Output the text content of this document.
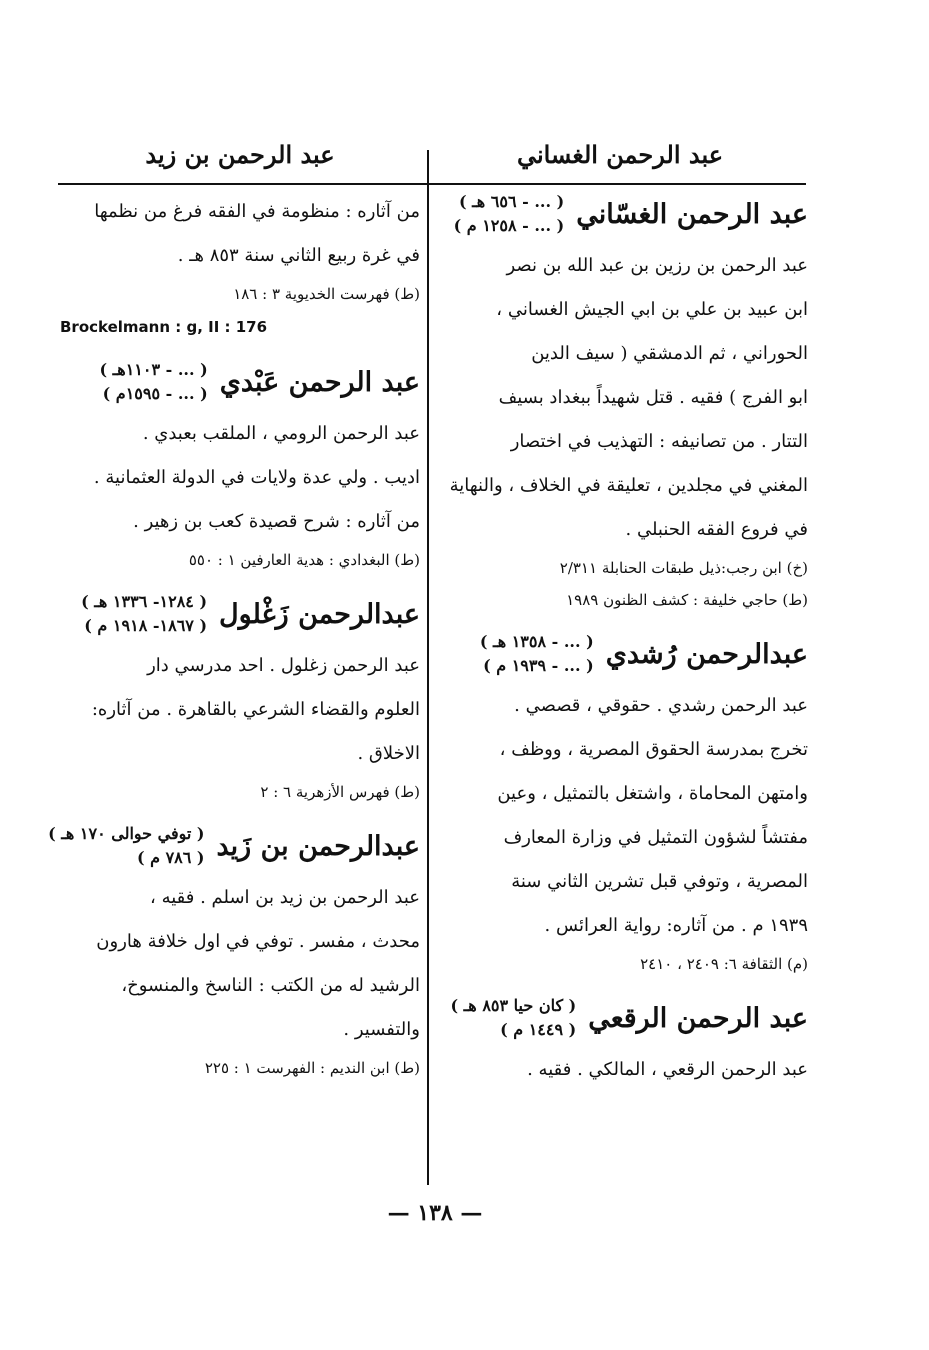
عبد الرحمن الغساني
عبد الرحمن بن زيد
عبد الرحمن الغسّاني
( ... - ٦٥٦ هـ )
( ... - ١٢٥٨ م )

عبد الرحمن بن رزين بن عبد الله بن نصر
ابن عبيد بن علي بن ابي الجيش الغساني ،
الحوراني ، ثم الدمشقي ( سيف الدين
ابو الفرج ) فقيه . قتل شهيداً ببغداد بسيف
التتار . من تصانيفه : التهذيب في اختصار
المغني في مجلدين ، تعليقة في الخلاف ، والنهاية
في فروع الفقه الحنبلي .

(خ) ابن رجب:ذيل طبقات الحنابلة ٢/٣١١

(ط) حاجي خليفة : كشف الظنون ١٩٨٩

عبدالرحمن رُشدي
( ... - ١٣٥٨ هـ )
( ... - ١٩٣٩ م )

عبد الرحمن رشدي . حقوقي ، قصصي .
تخرج بمدرسة الحقوق المصرية ، ووظف ،
وامتهن المحاماة ، واشتغل بالتمثيل ، وعين
مفتشاً لشؤون التمثيل في وزارة المعارف
المصرية ، وتوفي قبل تشرين الثاني سنة
١٩٣٩ م . من آثاره: رواية العرائس .

(م) الثقافة ٦: ٢٤٠٩ ، ٢٤١٠

عبد الرحمن الرقعي
( كان حيا ٨٥٣ هـ )
( ١٤٤٩ م )

عبد الرحمن الرقعي ، المالكي . فقيه .

من آثاره : منظومة في الفقه فرغ من نظمها
في غرة ربيع الثاني سنة ٨٥٣ هـ .

(ط) فهرست الخديوية ٣ : ١٨٦

Brockelmann : g, II : 176

عبد الرحمن عَبْدي
( ... - ١١٠٣هـ )
( ... - ١٥٩٥م )

عبد الرحمن الرومي ، الملقب بعبدي .
اديب . ولي عدة ولايات في الدولة العثمانية .
من آثاره : شرح قصيدة كعب بن زهير .

(ط) البغدادي : هدية العارفين ١ : ٥٥٠

عبدالرحمن زَغْلول
( ١٢٨٤- ١٣٣٦ هـ )
( ١٨٦٧- ١٩١٨ م )

عبد الرحمن زغلول . احد مدرسي دار
العلوم والقضاء الشرعي بالقاهرة . من آثاره:
الاخلاق .

(ط) فهرس الأزهرية ٦ : ٢

عبدالرحمن بن زَيد
( توفي حوالى ١٧٠ هـ )
( ٧٨٦ م )

عبد الرحمن بن زيد بن اسلم . فقيه ،
محدث ، مفسر . توفي في اول خلافة هارون
الرشيد له من الكتب : الناسخ والمنسوخ،
والتفسير .

(ط) ابن النديم : الفهرست ١ : ٢٢٥

— ١٣٨ —
